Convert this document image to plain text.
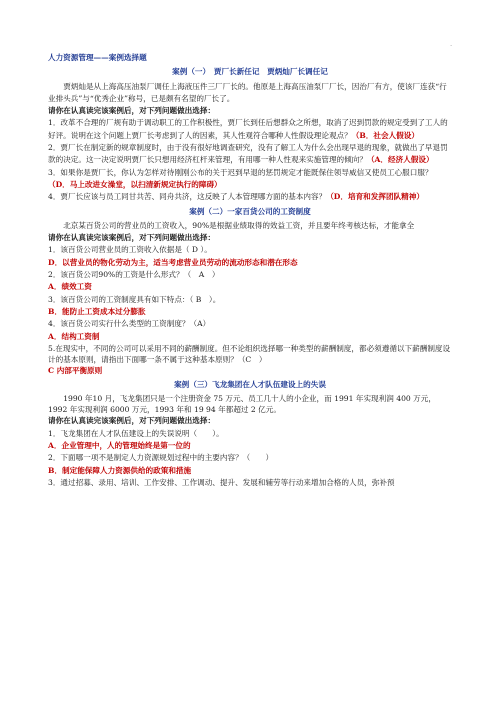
.

人力资源管理——案例选择题

案例（一）　贾厂长新任记　贾炳灿厂长调任记

贾炳灿是从上海高压油泵厂调任上海液压件三厂厂长的。他原是上海高压油泵厂厂长，因治厂有方，使该厂连获“行业排头兵”与“优秀企业”称号，已是颇有名望的厂长了。

请你在认真读完该案例后，对下列问题做出选择：

1．改革不合理的厂规有助于调动职工的工作积极性，贾厂长到任后想群众之所想，取消了迟到罚款的规定受到了工人的好评。说明在这个问题上贾厂长考虑到了人的因素，其人性观符合哪种人性假设理论观点？（B．社会人假设）

2．贾厂长在制定新的规章制度时，由于没有很好地调查研究，没有了解工人为什么会出现早退的现象，就做出了早退罚款的决定。这一决定说明贾厂长只想用经济杠杆来管理，有用哪一种人性观来实施管理的倾向？（A．经济人假设）

3．如果你是贾厂长，你认为怎样对待刚刚公布的关于迟到早退的惩罚规定才能既保住领导威信又使员工心服口服？（D．马上改进女澡堂，以扫清新规定执行的障碍）

4．贾厂长应该与员工同甘共苦、同舟共济，这反映了人本管理哪方面的基本内容？（D．培育和发挥团队精神）

案例（二）一家百货公司的工资制度

北京某百货公司的营业员的工资收入，90%是根据业绩取得的效益工资，并且要年终考核达标，才能拿全

请你在认真读完该案例后，对下列问题做出选择：

1．该百货公司营业员的工资收入依据是（ D ）。

D．以营业员的物化劳动为主，适当考虑营业员劳动的流动形态和潜在形态

2．该百货公司90%的工资是什么形式？（　A　）

A．绩效工资

3．该百货公司的工资制度具有如下特点：（ B　）。

B．能防止工资成本过分膨胀

4．该百货公司实行什么类型的工资制度？（A）

A．结构工资制

5.在现实中，不同的公司可以采用不同的薪酬制度。但不论组织选择哪一种类型的薪酬制度，都必须遵循以下薪酬制度设计的基本原则，请指出下面哪一条不属于这种基本原则？（C　）

C 内部平衡原则

案例（三）飞龙集团在人才队伍建设上的失误

1990 年10 月，飞龙集团只是一个注册资金 75 万元、员工几十人的小企业，而 1991 年实现利润 400 万元，1992 年实现利润 6000 万元，1993 年和 19 94 年都超过 2 亿元。

请你在认真读完该案例后，对下列问题做出选择：

1．飞龙集团在人才队伍建设上的失误说明（　　）。

A．企业管理中，人的管理始终是第一位的

2．下面哪一项不是制定人力资源规划过程中的主要内容？（　　）

B．制定能保障人力资源供给的政策和措施

3．通过招募、录用、培训、工作安排、工作调动、提升、发展和辅劳等行动来增加合格的人员，弥补预
